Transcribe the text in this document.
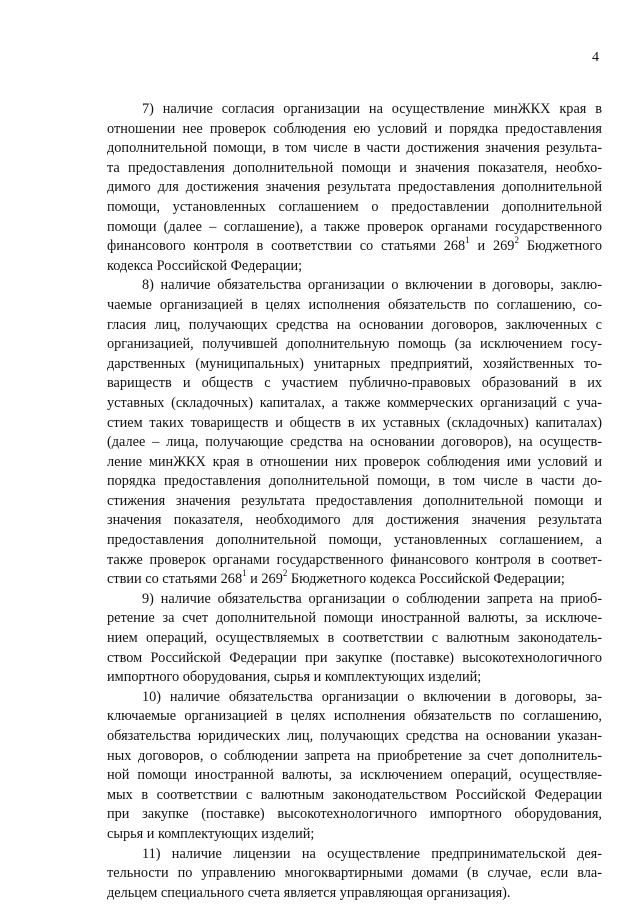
4
7) наличие согласия организации на осуществление минЖКХ края в
отношении нее проверок соблюдения ею условий и порядка предоставления
дополнительной помощи, в том числе в части достижения значения результа-
та предоставления дополнительной помощи и значения показателя, необхо-
димого для достижения значения результата предоставления дополнительной
помощи, установленных соглашением о предоставлении дополнительной
помощи (далее – соглашение), а также проверок органами государственного
финансового контроля в соответствии со статьями $268^1$ и $269^2$ Бюджетного
кодекса Российской Федерации;
8) наличие обязательства организации о включении в договоры, заклю-
чаемые организацией в целях исполнения обязательств по соглашению, со-
гласия лиц, получающих средства на основании договоров, заключенных с
организацией, получившей дополнительную помощь (за исключением госу-
дарственных (муниципальных) унитарных предприятий, хозяйственных то-
вариществ и обществ с участием публично-правовых образований в их
уставных (складочных) капиталах, а также коммерческих организаций с уча-
стием таких товариществ и обществ в их уставных (складочных) капиталах)
(далее – лица, получающие средства на основании договоров), на осуществ-
ление минЖКХ края в отношении них проверок соблюдения ими условий и
порядка предоставления дополнительной помощи, в том числе в части до-
стижения значения результата предоставления дополнительной помощи и
значения показателя, необходимого для достижения значения результата
предоставления дополнительной помощи, установленных соглашением, а
также проверок органами государственного финансового контроля в соответ-
ствии со статьями $268^1$ и $269^2$ Бюджетного кодекса Российской Федерации;
9) наличие обязательства организации о соблюдении запрета на приоб-
ретение за счет дополнительной помощи иностранной валюты, за исключе-
нием операций, осуществляемых в соответствии с валютным законодатель-
ством Российской Федерации при закупке (поставке) высокотехнологичного
импортного оборудования, сырья и комплектующих изделий;
10) наличие обязательства организации о включении в договоры, за-
ключаемые организацией в целях исполнения обязательств по соглашению,
обязательства юридических лиц, получающих средства на основании указан-
ных договоров, о соблюдении запрета на приобретение за счет дополнитель-
ной помощи иностранной валюты, за исключением операций, осуществляе-
мых в соответствии с валютным законодательством Российской Федерации
при закупке (поставке) высокотехнологичного импортного оборудования,
сырья и комплектующих изделий;
11) наличие лицензии на осуществление предпринимательской дея-
тельности по управлению многоквартирными домами (в случае, если вла-
дельцем специального счета является управляющая организация).
